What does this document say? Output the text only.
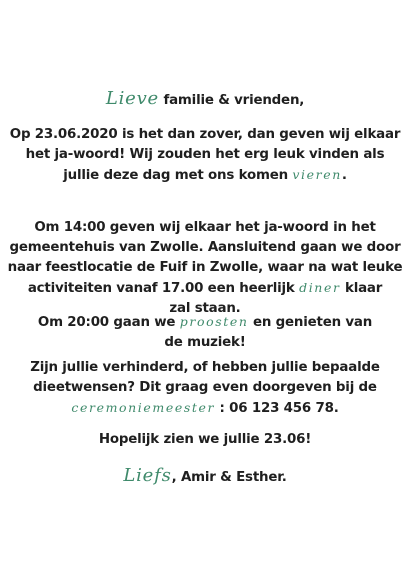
Lieve familie & vrienden,
Op 23.06.2020 is het dan zover, dan geven wij elkaar
het ja-woord! Wij zouden het erg leuk vinden als
jullie deze dag met ons komen vieren.
Om 14:00 geven wij elkaar het ja-woord in het
gemeentehuis van Zwolle. Aansluitend gaan we door
naar feestlocatie de Fuif in Zwolle, waar na wat leuke
activiteiten vanaf 17.00 een heerlijk diner klaar
zal staan.
Om 20:00 gaan we proosten en genieten van
de muziek!
Zijn jullie verhinderd, of hebben jullie bepaalde
dieetwensen? Dit graag even doorgeven bij de
ceremoniemeester : 06 123 456 78.
Hopelijk zien we jullie 23.06!
Liefs, Amir & Esther.
